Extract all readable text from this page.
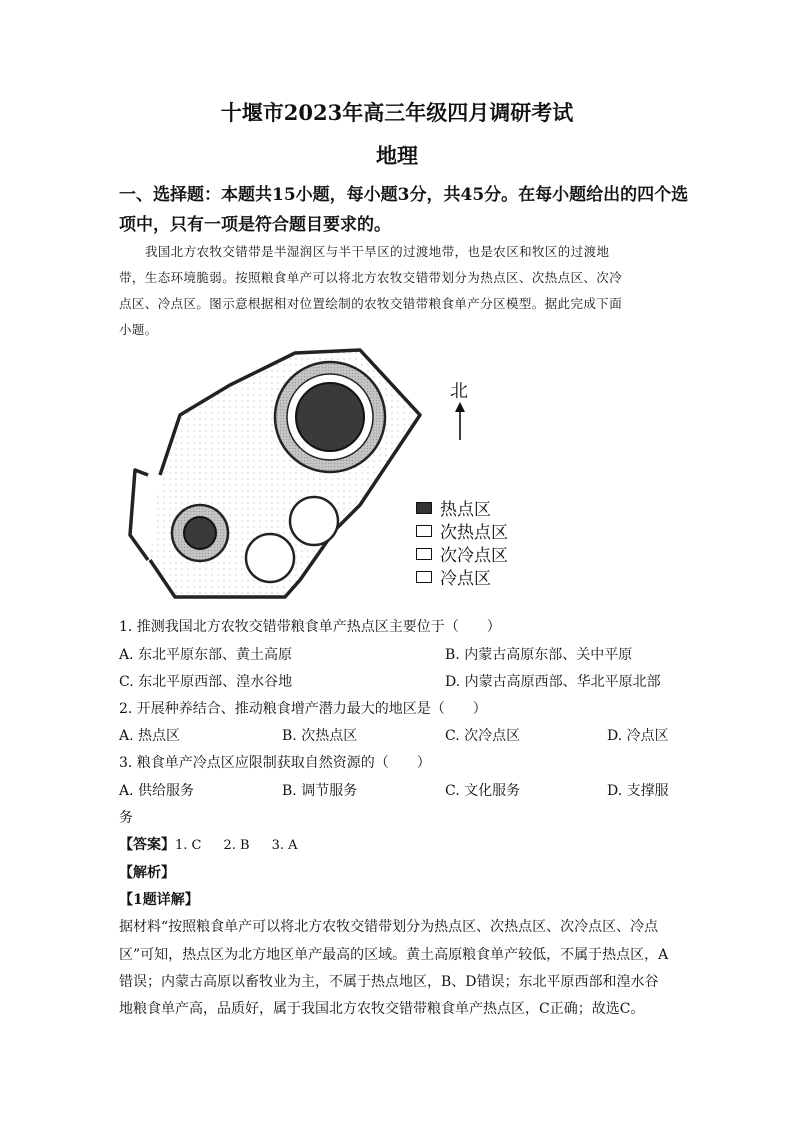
十堰市2023年高三年级四月调研考试
地理
一、选择题：本题共15小题，每小题3分，共45分。在每小题给出的四个选
项中，只有一项是符合题目要求的。
我国北方农牧交错带是半湿润区与半干旱区的过渡地带，也是农区和牧区的过渡地
带，生态环境脆弱。按照粮食单产可以将北方农牧交错带划分为热点区、次热点区、次冷
点区、冷点区。图示意根据相对位置绘制的农牧交错带粮食单产分区模型。据此完成下面
小题。
北
热点区
次热点区
次冷点区
冷点区
1. 推测我国北方农牧交错带粮食单产热点区主要位于（　　）
A. 东北平原东部、黄土高原	B. 内蒙古高原东部、关中平原
C. 东北平原西部、湟水谷地	D. 内蒙古高原西部、华北平原北部
2. 开展种养结合、推动粮食增产潜力最大的地区是（　　）
A. 热点区	B. 次热点区	C. 次冷点区	D. 冷点区
3. 粮食单产冷点区应限制获取自然资源的（　　）
A. 供给服务	B. 调节服务	C. 文化服务	D. 支撑服
务
【答案】1. C 2. B 3. A
【解析】
【1题详解】
据材料“按照粮食单产可以将北方农牧交错带划分为热点区、次热点区、次冷点区、冷点
区”可知，热点区为北方地区单产最高的区域。黄土高原粮食单产较低，不属于热点区，A
错误；内蒙古高原以畜牧业为主，不属于热点地区，B、D错误；东北平原西部和湟水谷
地粮食单产高，品质好，属于我国北方农牧交错带粮食单产热点区，C正确；故选C。
